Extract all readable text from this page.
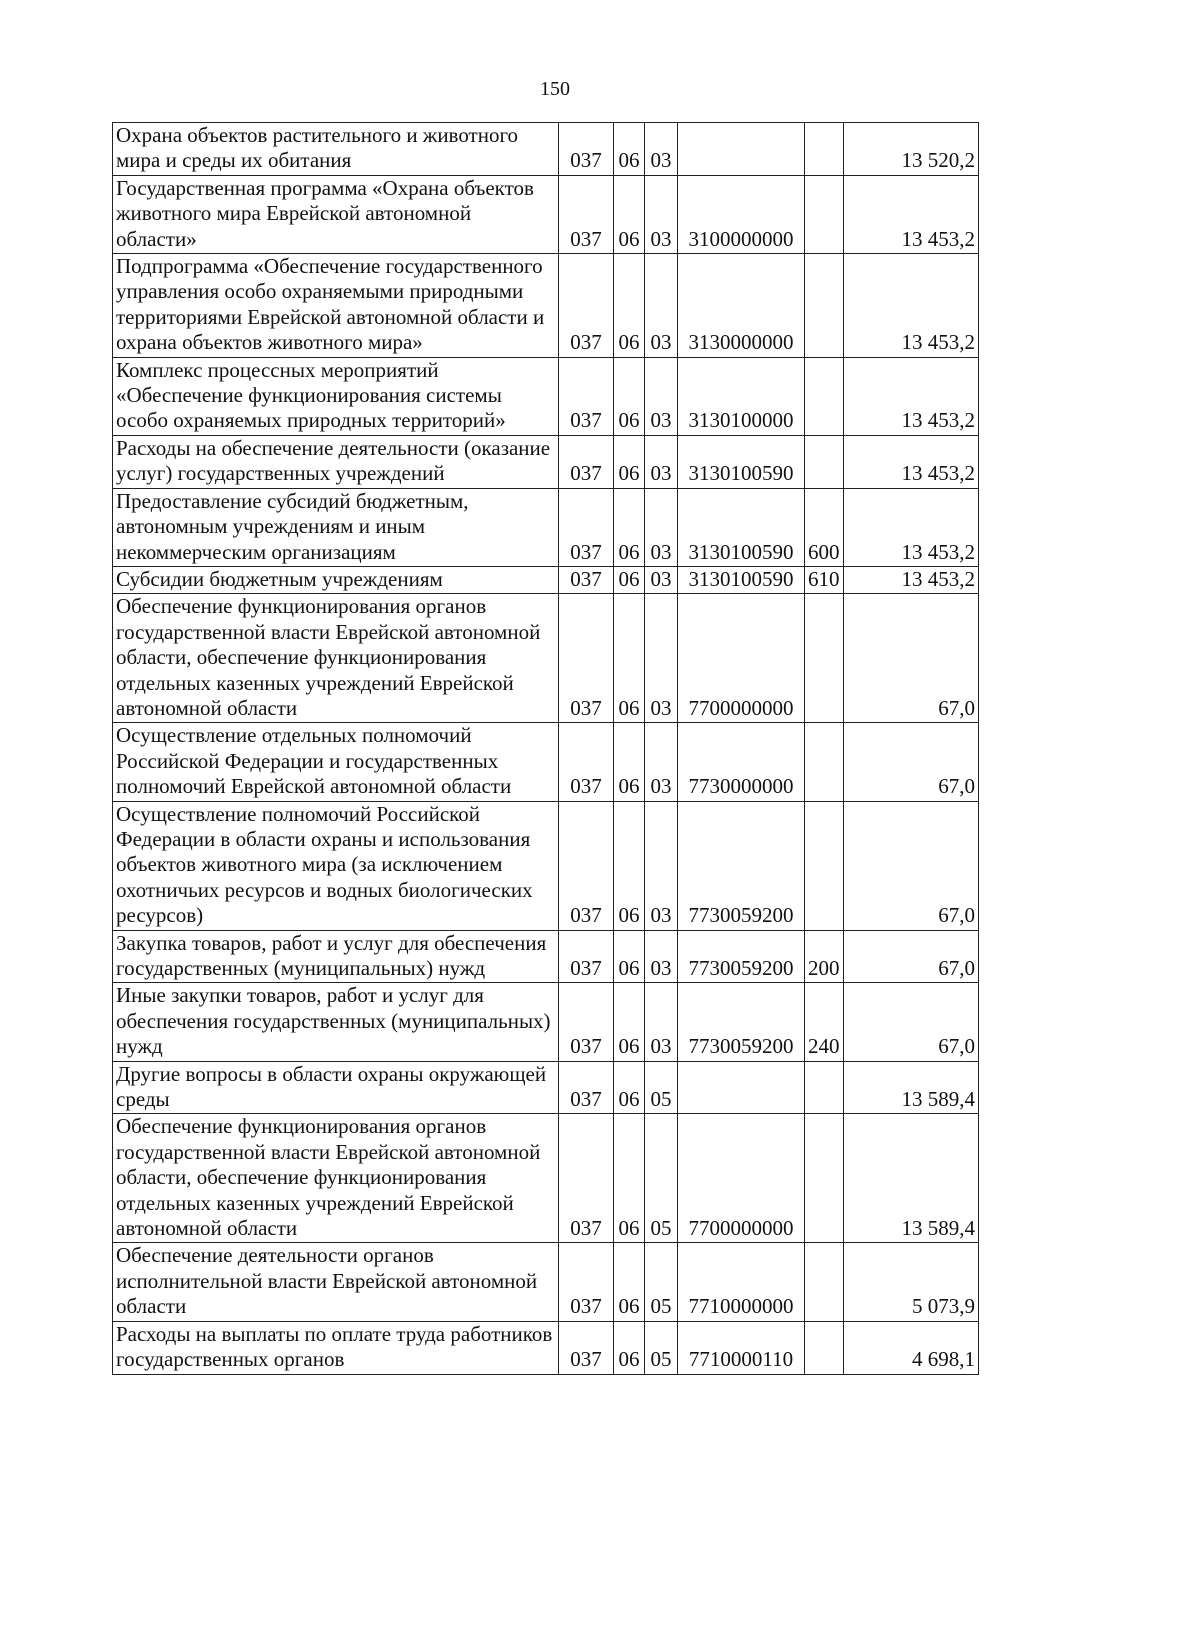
150
Охрана объектов растительного и животного мира и среды их обитания	037	06	03			13 520,2
Государственная программа «Охрана объектов животного мира Еврейской автономной области»	037	06	03	3100000000		13 453,2
Подпрограмма «Обеспечение государственного управления особо охраняемыми природными территориями Еврейской автономной области и охрана объектов животного мира»	037	06	03	3130000000		13 453,2
Комплекс процессных мероприятий «Обеспечение функционирования системы особо охраняемых природных территорий»	037	06	03	3130100000		13 453,2
Расходы на обеспечение деятельности (оказание услуг) государственных учреждений	037	06	03	3130100590		13 453,2
Предоставление субсидий бюджетным, автономным учреждениям и иным некоммерческим организациям	037	06	03	3130100590	600	13 453,2
Субсидии бюджетным учреждениям	037	06	03	3130100590	610	13 453,2
Обеспечение функционирования органов государственной власти Еврейской автономной области, обеспечение функционирования отдельных казенных учреждений Еврейской автономной области	037	06	03	7700000000		67,0
Осуществление отдельных полномочий Российской Федерации и государственных полномочий Еврейской автономной области	037	06	03	7730000000		67,0
Осуществление полномочий Российской Федерации в области охраны и использования объектов животного мира (за исключением охотничьих ресурсов и водных биологических ресурсов)	037	06	03	7730059200		67,0
Закупка товаров, работ и услуг для обеспечения государственных (муниципальных) нужд	037	06	03	7730059200	200	67,0
Иные закупки товаров, работ и услуг для обеспечения государственных (муниципальных) нужд	037	06	03	7730059200	240	67,0
Другие вопросы в области охраны окружающей среды	037	06	05			13 589,4
Обеспечение функционирования органов государственной власти Еврейской автономной области, обеспечение функционирования отдельных казенных учреждений Еврейской автономной области	037	06	05	7700000000		13 589,4
Обеспечение деятельности органов исполнительной власти Еврейской автономной области	037	06	05	7710000000		5 073,9
Расходы на выплаты по оплате труда работников государственных органов	037	06	05	7710000110		4 698,1
